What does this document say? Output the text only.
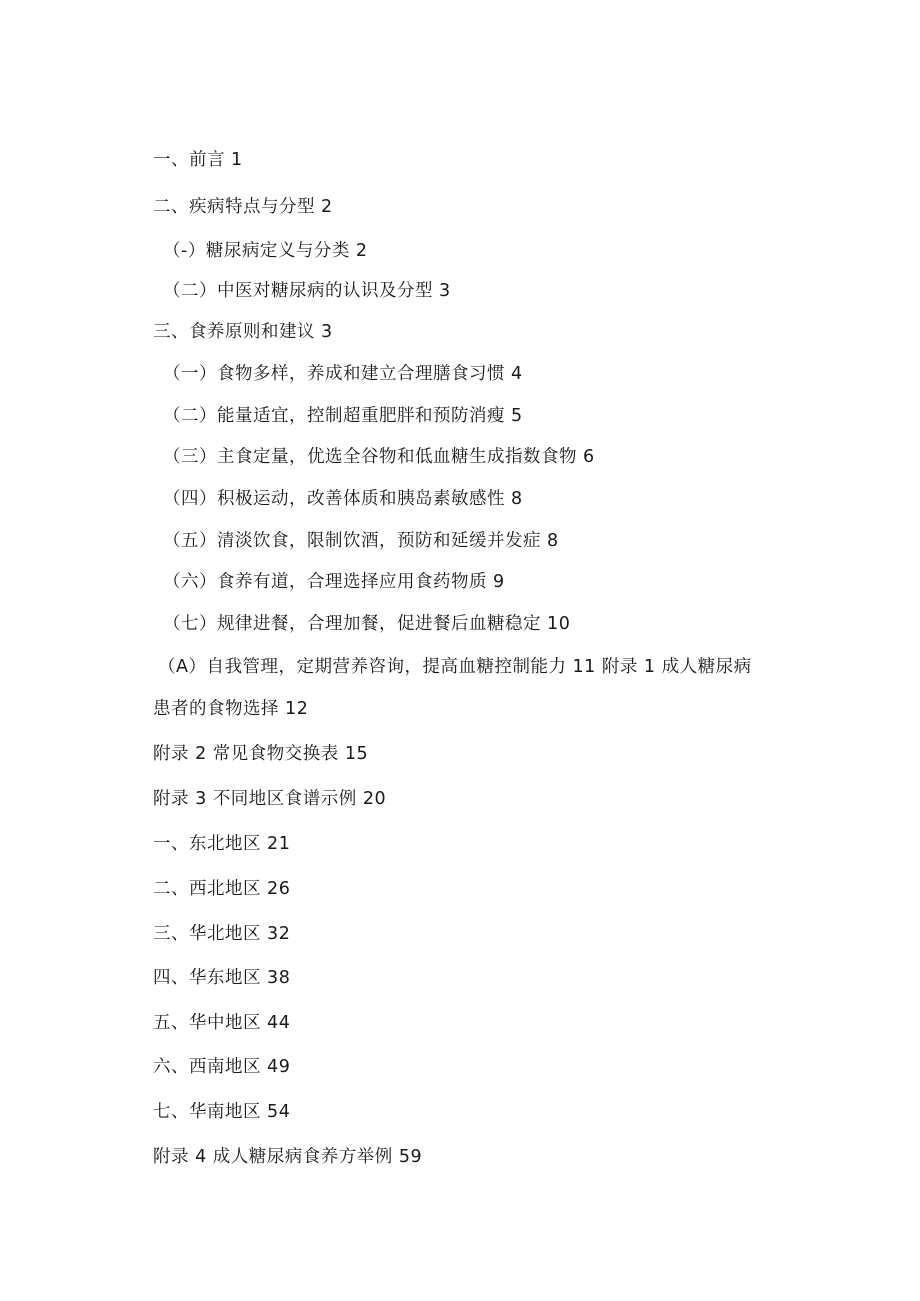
一、前言 1
二、疾病特点与分型 2
（-）糖尿病定义与分类 2
（二）中医对糖尿病的认识及分型 3
三、食养原则和建议 3
（一）食物多样，养成和建立合理膳食习惯 4
（二）能量适宜，控制超重肥胖和预防消瘦 5
（三）主食定量，优选全谷物和低血糖生成指数食物 6
（四）积极运动，改善体质和胰岛素敏感性 8
（五）清淡饮食，限制饮酒，预防和延缓并发症 8
（六）食养有道，合理选择应用食药物质 9
（七）规律进餐，合理加餐，促进餐后血糖稳定 10
（A）自我管理，定期营养咨询，提高血糖控制能力 11 附录 1 成人糖尿病
患者的食物选择 12
附录 2 常见食物交换表 15
附录 3 不同地区食谱示例 20
一、东北地区 21
二、西北地区 26
三、华北地区 32
四、华东地区 38
五、华中地区 44
六、西南地区 49
七、华南地区 54
附录 4 成人糖尿病食养方举例 59
